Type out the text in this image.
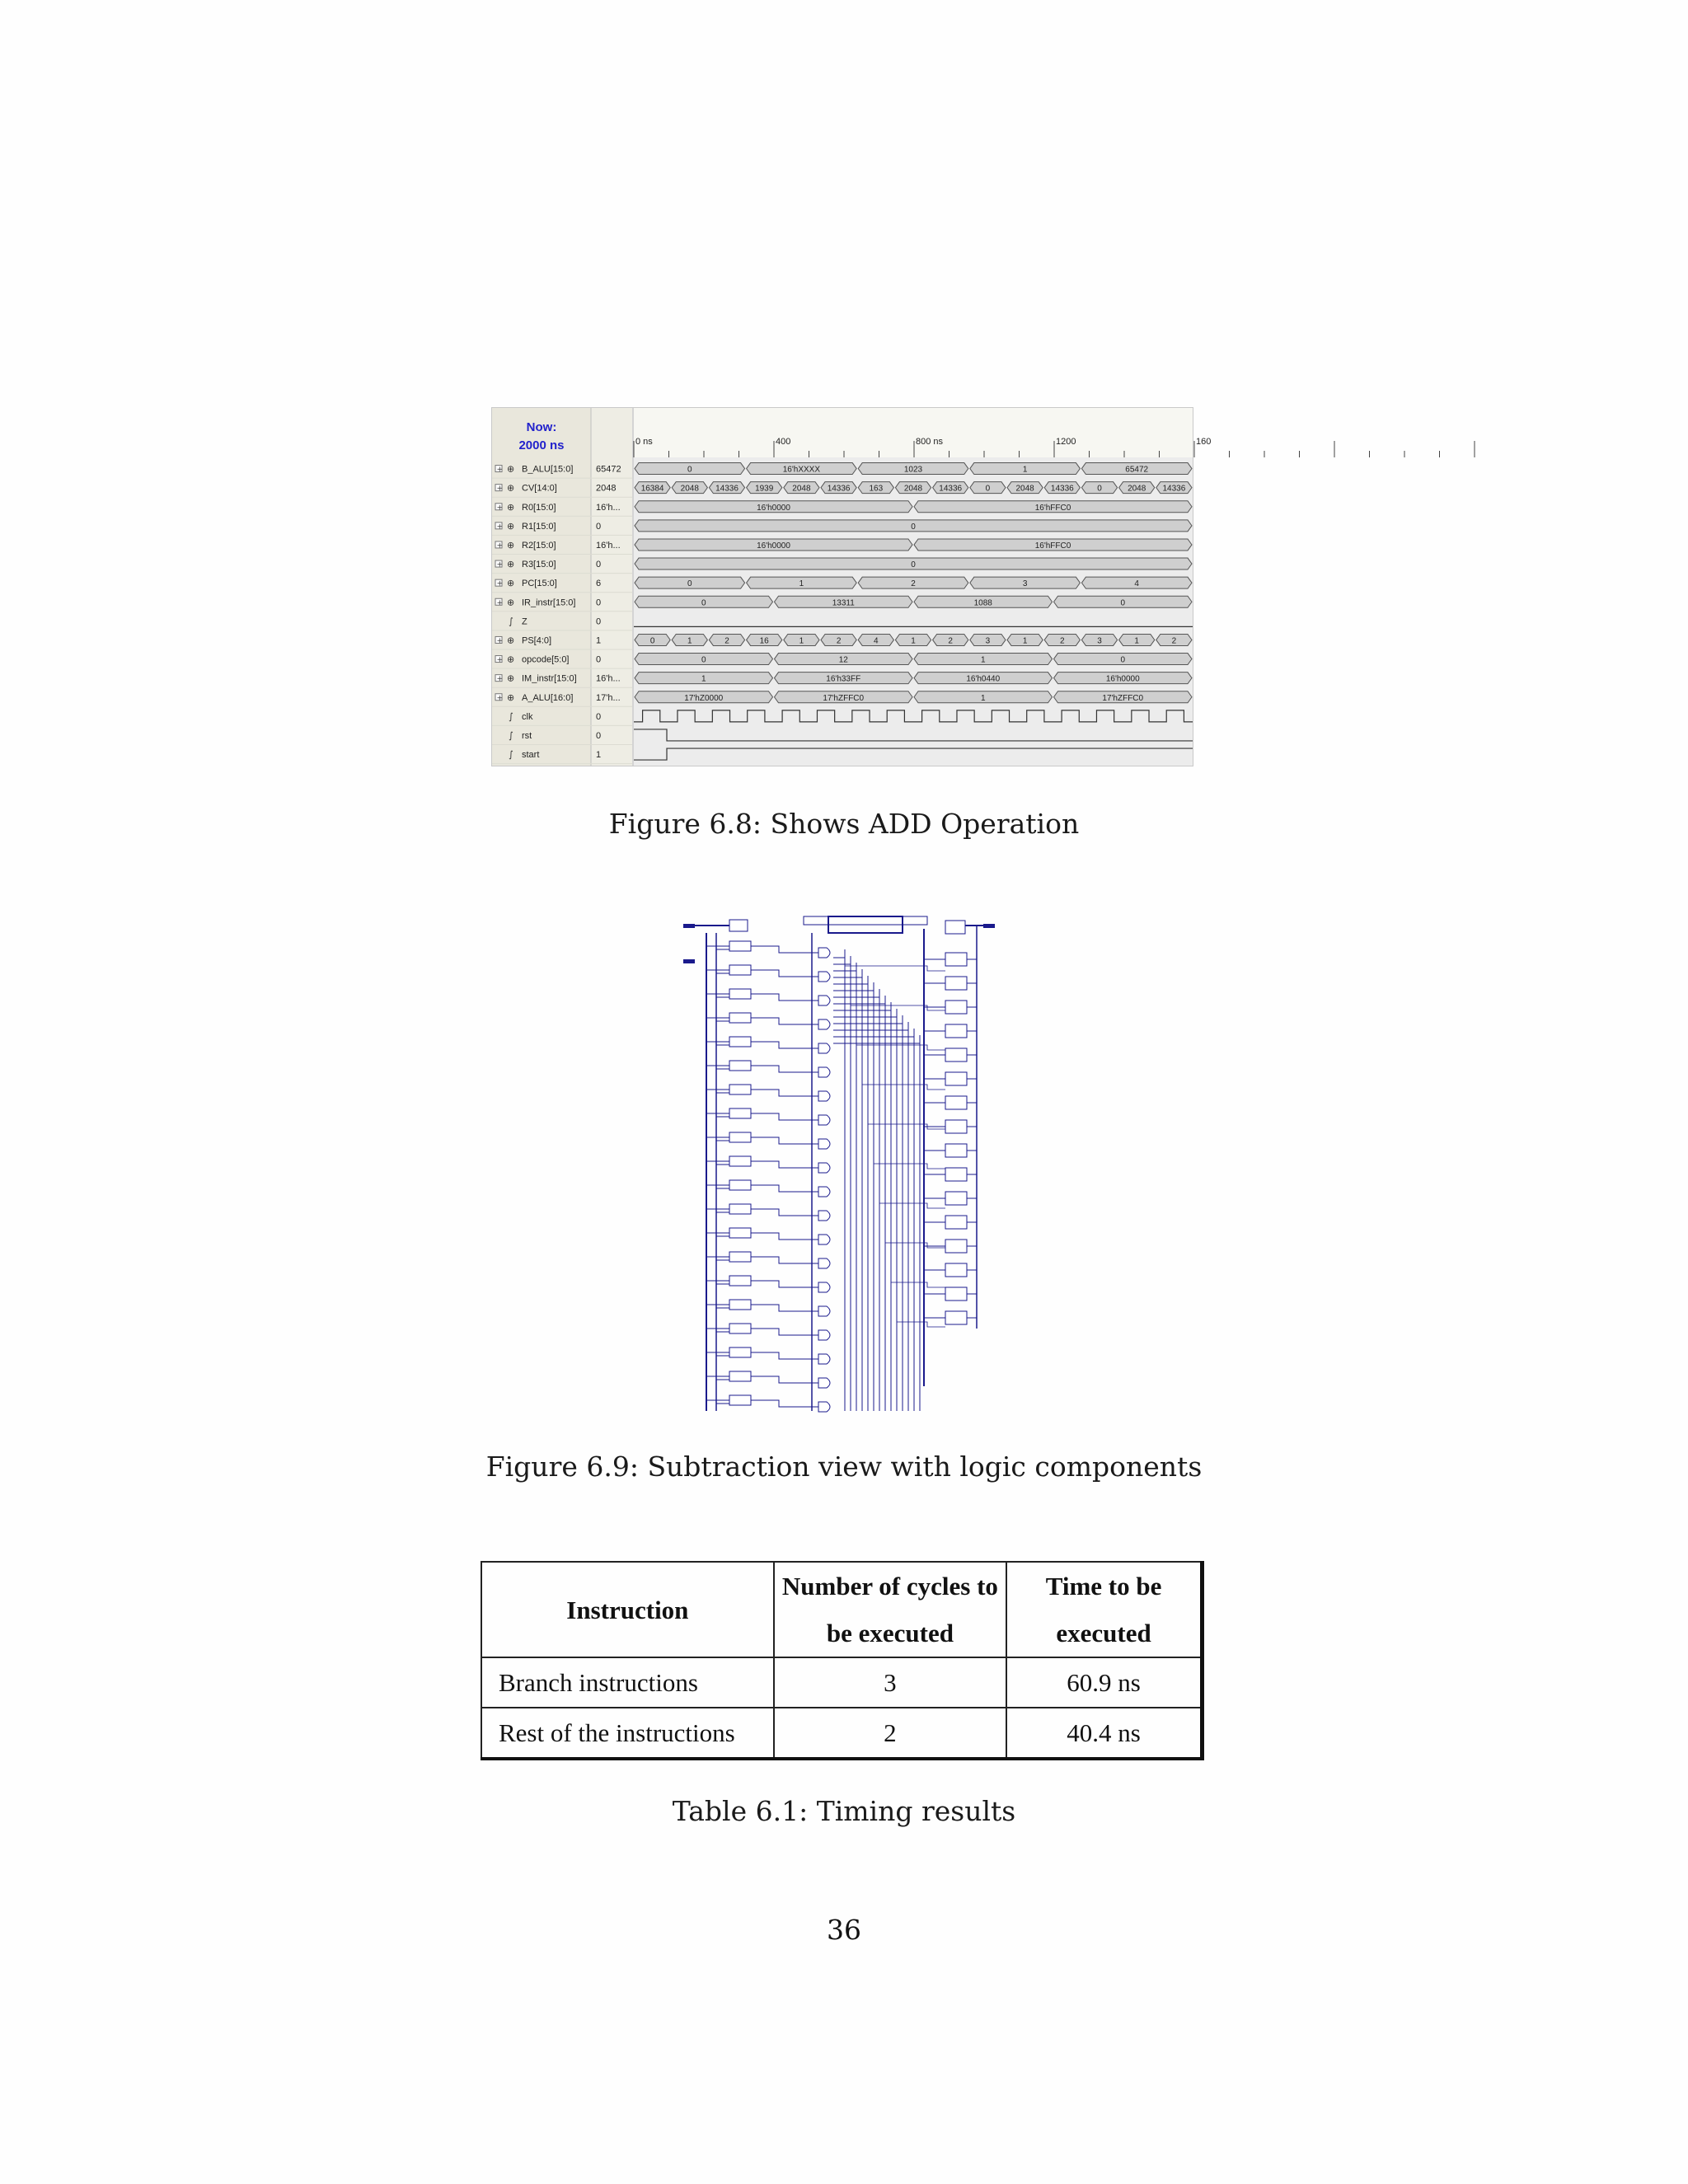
Now:
2000 ns	0 ns	400	800 ns	1200	160
+ ⊕ B_ALU[15:0]	65472	0	16'hXXXX	1023	1	65472
+ ⊕ CV[14:0]	2048	16384 2048 14336 1939 2048 14336 163	2048 14336	0	2048 14336	0	2048 14336
+ ⊕ R0[15:0]	16'h...	16'h0000	16'hFFC0
+ ⊕ R1[15:0]	0	0
+ ⊕ R2[15:0]	16'h...	16'h0000	16'hFFC0
+ ⊕ R3[15:0]	0	0
+ ⊕ PC[15:0]	6	0	1	2	3	4
+ ⊕ IR_instr[15:0] 0	0	13311	1088	0
∫ Z	0
+ ⊕ PS[4:0]	1	0	1	2	16	1	2	4	1	2	3	1	2	3	1	2
+ ⊕ opcode[5:0]	0	0	12	1	0
+ ⊕ IM_instr[15:0] 16'h...	1	16'h33FF	16'h0440	16'h0000
+ ⊕ A_ALU[16:0]	17'h...	17'hZ0000	17'hZFFC0	1	17'hZFFC0
∫ clk	0
∫ rst	0
∫ start	1
Figure 6.8: Shows ADD Operation
Figure 6.9: Subtraction view with logic components
Instruction	Number of cycles to be executed	Time to be executed
Branch instructions	3	60.9 ns
Rest of the instructions	2	40.4 ns
Table 6.1: Timing results
36
